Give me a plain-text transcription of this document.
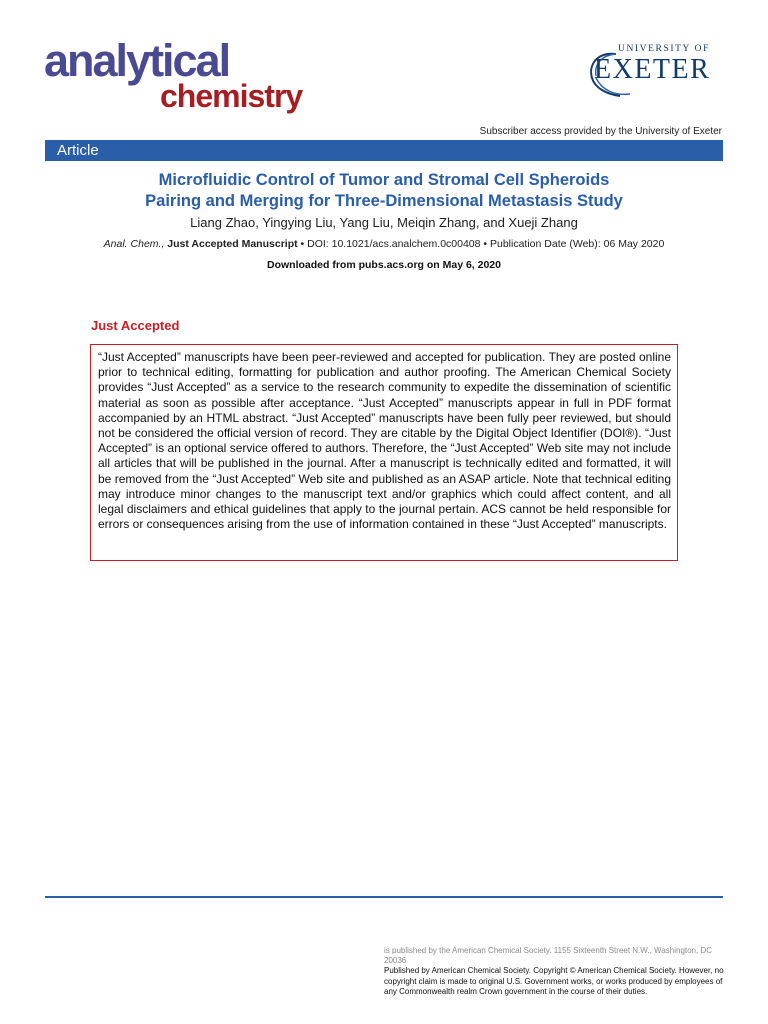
analytical
chemistry
UNIVERSITY OF
EXETER
Subscriber access provided by the University of Exeter
Article
Microfluidic Control of Tumor and Stromal Cell Spheroids
Pairing and Merging for Three-Dimensional Metastasis Study
Liang Zhao, Yingying Liu, Yang Liu, Meiqin Zhang, and Xueji Zhang
Anal. Chem., Just Accepted Manuscript • DOI: 10.1021/acs.analchem.0c00408 • Publication Date (Web): 06 May 2020
Downloaded from pubs.acs.org on May 6, 2020
Just Accepted

“Just Accepted” manuscripts have been peer-reviewed and accepted for publication. They are posted online prior to technical editing, formatting for publication and author proofing. The American Chemical Society provides “Just Accepted” as a service to the research community to expedite the dissemination of scientific material as soon as possible after acceptance. “Just Accepted” manuscripts appear in full in PDF format accompanied by an HTML abstract. “Just Accepted” manuscripts have been fully peer reviewed, but should not be considered the official version of record. They are citable by the Digital Object Identifier (DOI®). “Just Accepted” is an optional service offered to authors. Therefore, the “Just Accepted” Web site may not include all articles that will be published in the journal. After a manuscript is technically edited and formatted, it will be removed from the “Just Accepted” Web site and published as an ASAP article. Note that technical editing may introduce minor changes to the manuscript text and/or graphics which could affect content, and all legal disclaimers and ethical guidelines that apply to the journal pertain. ACS cannot be held responsible for errors or consequences arising from the use of information contained in these “Just Accepted” manuscripts.

is published by the American Chemical Society. 1155 Sixteenth Street N.W., Washington, DC 20036
Published by American Chemical Society. Copyright © American Chemical Society. However, no copyright claim is made to original U.S. Government works, or works produced by employees of any Commonwealth realm Crown government in the course of their duties.
